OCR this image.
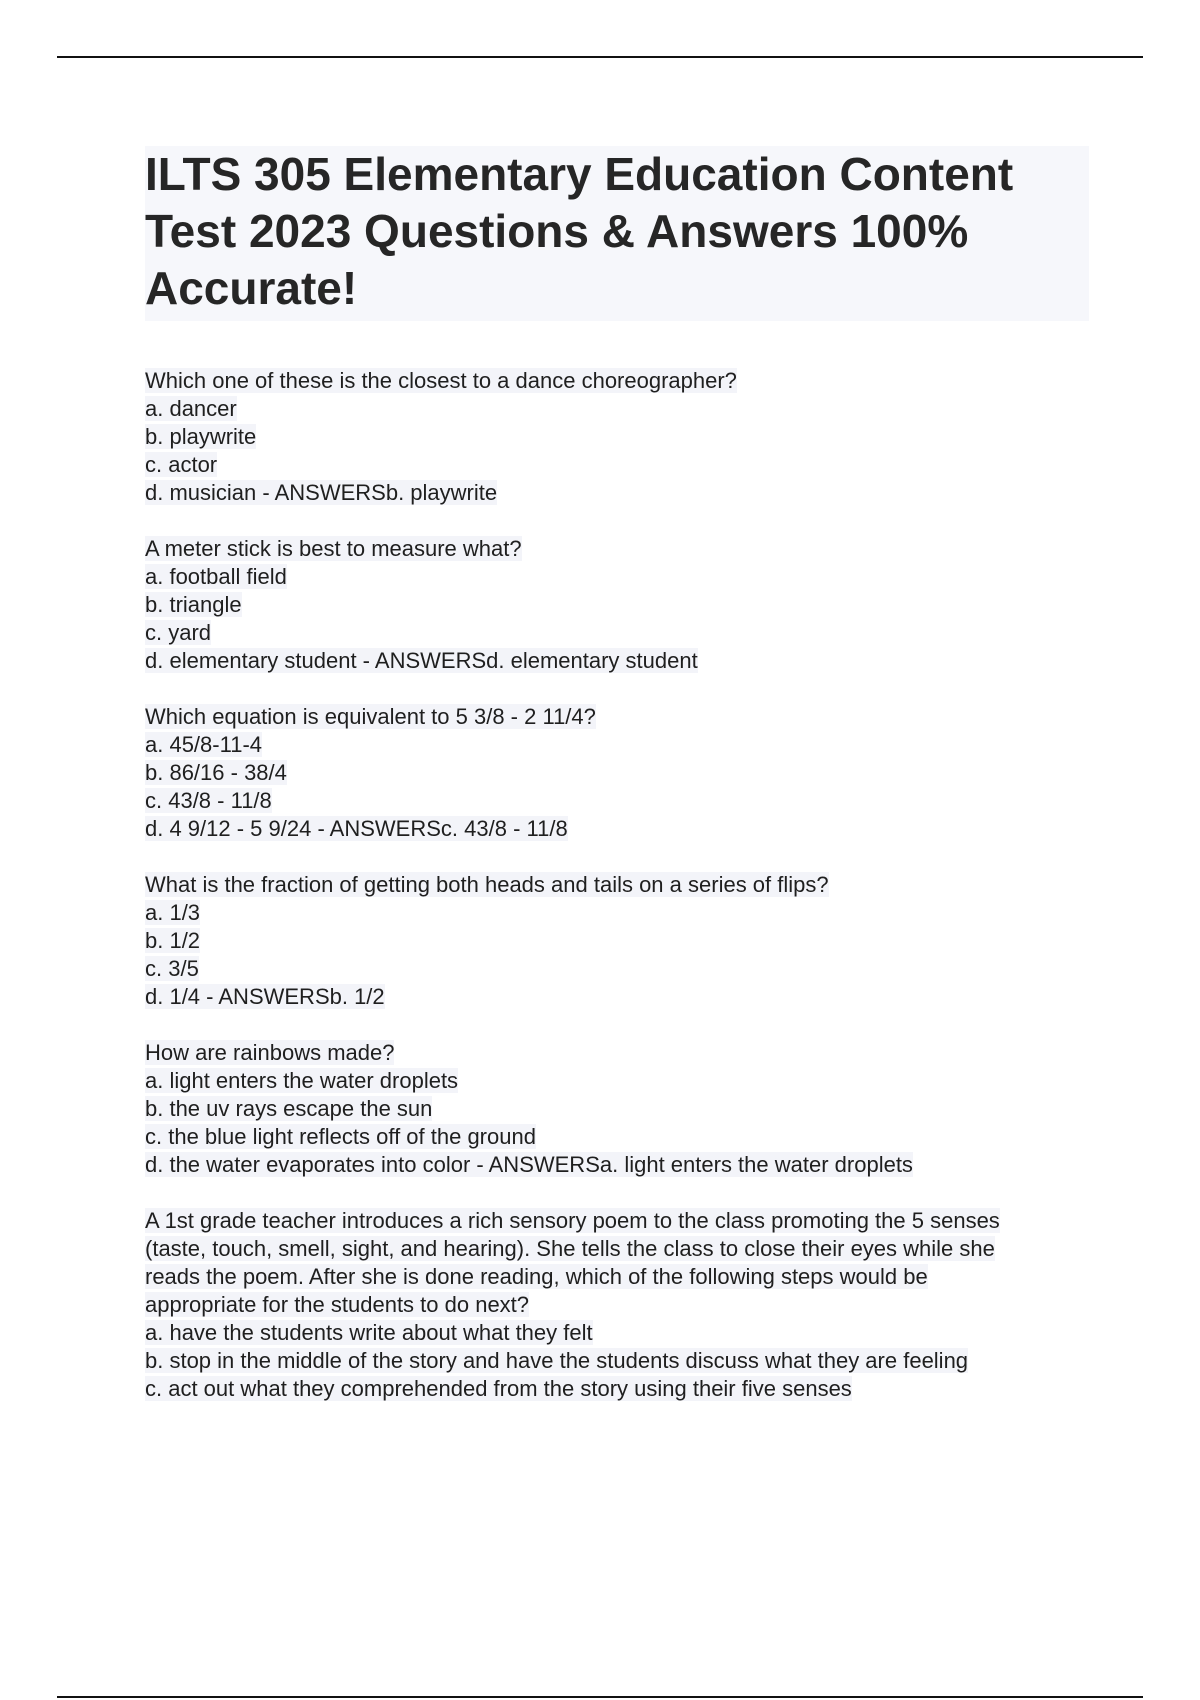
ILTS 305 Elementary Education Content Test 2023 Questions & Answers 100% Accurate!
Which one of these is the closest to a dance choreographer?
a. dancer
b. playwrite
c. actor
d. musician - ANSWERSb. playwrite
A meter stick is best to measure what?
a. football field
b. triangle
c. yard
d. elementary student - ANSWERSd. elementary student
Which equation is equivalent to 5 3/8 - 2 11/4?
a. 45/8-11-4
b. 86/16 - 38/4
c. 43/8 - 11/8
d. 4 9/12 - 5 9/24 - ANSWERSc. 43/8 - 11/8
What is the fraction of getting both heads and tails on a series of flips?
a. 1/3
b. 1/2
c. 3/5
d. 1/4 - ANSWERSb. 1/2
How are rainbows made?
a. light enters the water droplets
b. the uv rays escape the sun
c. the blue light reflects off of the ground
d. the water evaporates into color - ANSWERSa. light enters the water droplets
A 1st grade teacher introduces a rich sensory poem to the class promoting the 5 senses
(taste, touch, smell, sight, and hearing). She tells the class to close their eyes while she
reads the poem. After she is done reading, which of the following steps would be
appropriate for the students to do next?
a. have the students write about what they felt
b. stop in the middle of the story and have the students discuss what they are feeling
c. act out what they comprehended from the story using their five senses
